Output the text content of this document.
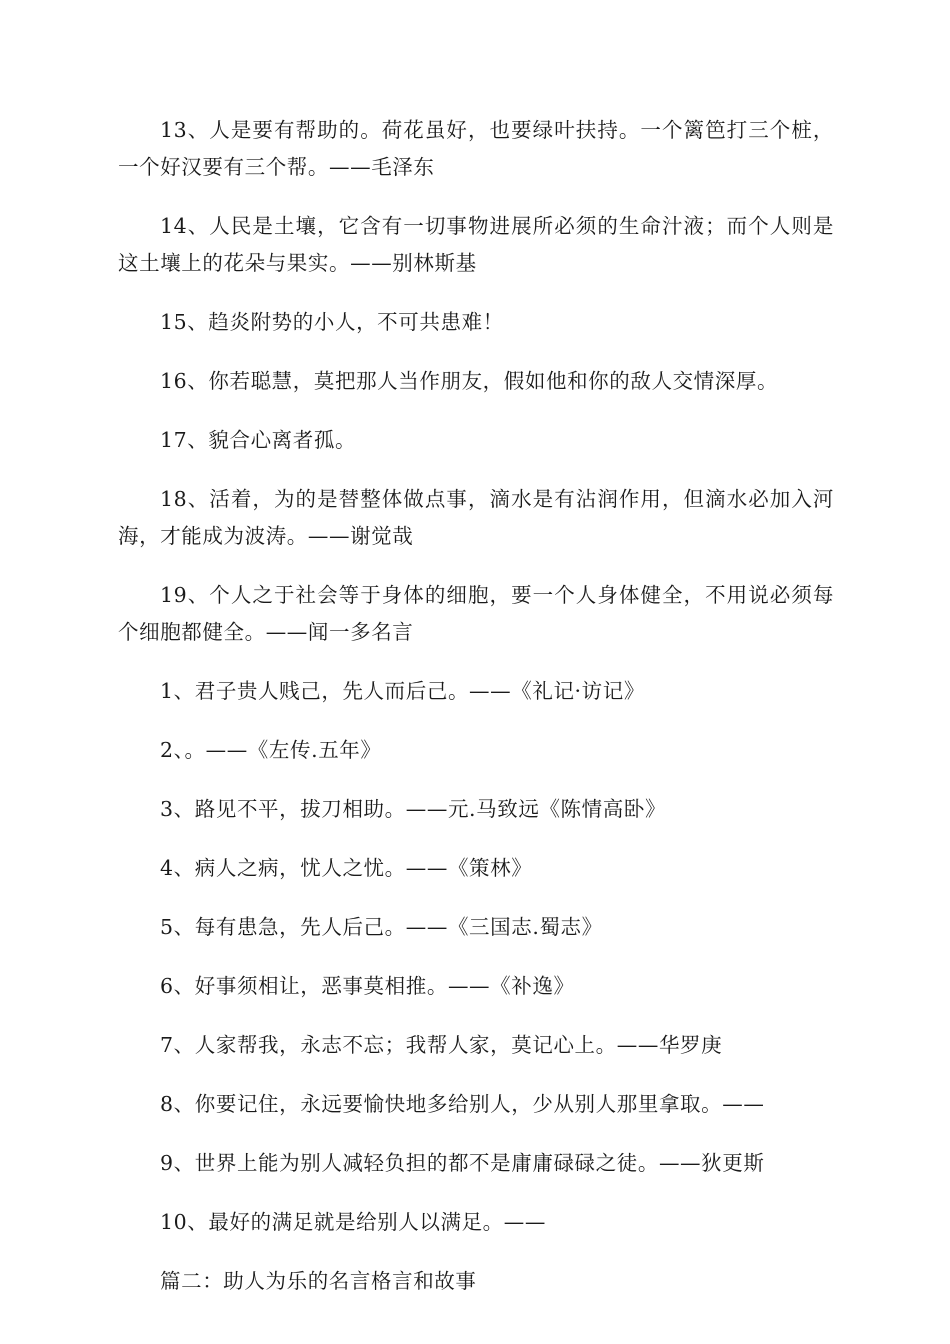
13、人是要有帮助的。荷花虽好，也要绿叶扶持。一个篱笆打三个桩，一个好汉要有三个帮。——毛泽东

14、人民是土壤，它含有一切事物进展所必须的生命汁液；而个人则是这土壤上的花朵与果实。——别林斯基

15、趋炎附势的小人，不可共患难！

16、你若聪慧，莫把那人当作朋友，假如他和你的敌人交情深厚。

17、貌合心离者孤。

18、活着，为的是替整体做点事，滴水是有沾润作用，但滴水必加入河海，才能成为波涛。——谢觉哉

19、个人之于社会等于身体的细胞，要一个人身体健全，不用说必须每个细胞都健全。——闻一多名言

1、君子贵人贱己，先人而后己。——《礼记·访记》

2、。——《左传.五年》

3、路见不平，拔刀相助。——元.马致远《陈情高卧》

4、病人之病，忧人之忧。——《策林》

5、每有患急，先人后己。——《三国志.蜀志》

6、好事须相让，恶事莫相推。——《补逸》

7、人家帮我，永志不忘；我帮人家，莫记心上。——华罗庚

8、你要记住，永远要愉快地多给别人，少从别人那里拿取。——

9、世界上能为别人减轻负担的都不是庸庸碌碌之徒。——狄更斯

10、最好的满足就是给别人以满足。——

篇二：助人为乐的名言格言和故事
